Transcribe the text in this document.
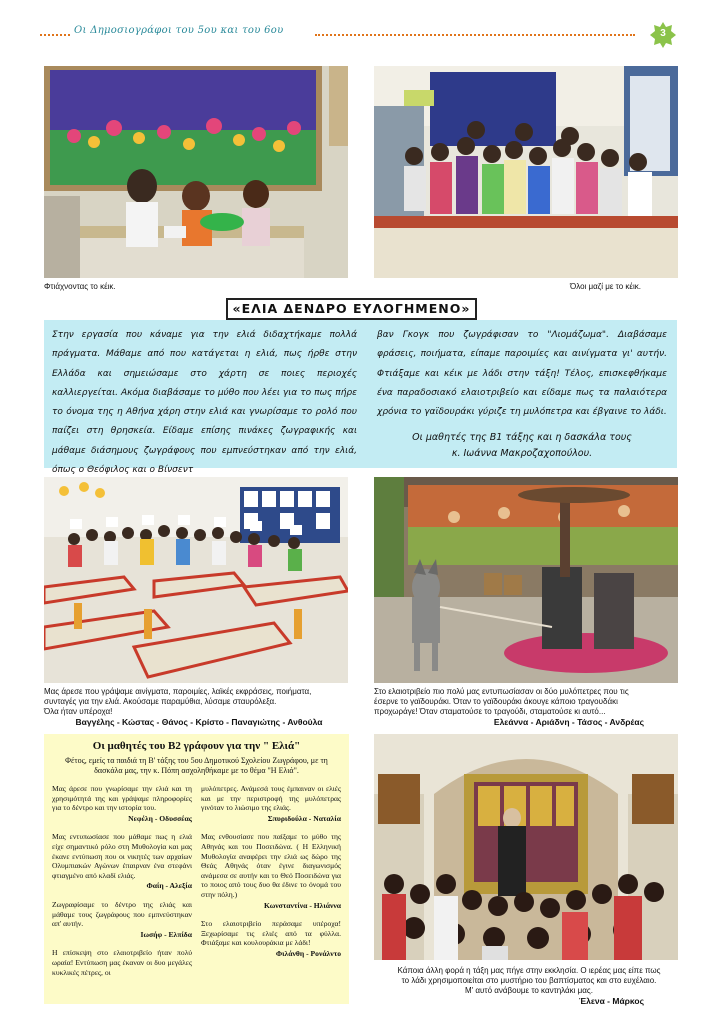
Οι Δημοσιογράφοι του 5ου και του 6ου	3
Φτιάχνοντας το κέικ.	Όλοι μαζί με το κέικ.
«ΕΛΙΑ ΔΕΝΔΡΟ ΕΥΛΟΓΗΜΕΝΟ»
Στην εργασία που κάναμε για την ελιά διδαχτήκαμε πολλά πράγματα. Μάθαμε από που κατάγεται η ελιά, πως ήρθε στην Ελλάδα και σημειώσαμε στο χάρτη σε ποιες περιοχές καλλιεργείται. Ακόμα διαβάσαμε το μύθο που λέει για το πως πήρε το όνομα της η Αθήνα χάρη στην ελιά και γνωρίσαμε το ρολό που παίζει στη θρησκεία. Είδαμε επίσης πινάκες ζωγραφικής και μάθαμε διάσημους ζωγράφους που εμπνεύστηκαν από την ελιά, όπως ο Θεόφιλος και ο Βίνσεντ
βαν Γκογκ που ζωγράφισαν το "Λιομάζωμα". Διαβάσαμε φράσεις, ποιήματα, είπαμε παροιμίες και αινίγματα γι' αυτήν. Φτιάξαμε και κέικ με λάδι στην τάξη! Τέλος, επισκεφθήκαμε ένα παραδοσιακό ελαιοτριβείο και είδαμε πως τα παλαιότερα χρόνια το γαϊδουράκι γύριζε τη μυλόπετρα και έβγαινε το λάδι.
Οι μαθητές της Β1 τάξης και η δασκάλα τους
κ. Ιωάννα Μακροζαχοπούλου.
Μας άρεσε που γράψαμε αινίγματα, παροιμίες, λαϊκές εκφράσεις, ποιήματα,
συνταγές για την ελιά. Ακούσαμε παραμύθια, λύσαμε σταυρόλεξα.
Όλα ήταν υπέροχα!
Βαγγέλης - Κώστας - Θάνος - Κρίστο - Παναγιώτης - Ανθούλα
Στο ελαιοτριβείο πιο πολύ μας εντυπωσίασαν οι δύο μυλόπετρες που τις
έσερνε το γαϊδουράκι. Όταν το γαϊδουράκι άκουγε κάποιο τραγουδάκι
προχωράγε! Όταν σταματούσε το τραγούδι, σταματούσε κι αυτό...
Ελεάννα - Αριάδνη - Τάσος - Ανδρέας
Οι μαθητές του Β2 γράφουν για την " Ελιά"
Φέτος, εμείς τα παιδιά τη Β' τάξης του 5ου Δημοτικού Σχολείου Ζωγράφου, με τη δασκάλα μας, την κ. Πόπη ασχοληθήκαμε με το θέμα "Η Ελιά".

Μας άρεσε που γνωρίσαμε την ελιά και τη χρησιμότητά της και γράψαμε πληροφορίες για το δέντρο και την ιστορία του.
Νεφέλη - Οδυσσέας

Μας εντυπωσίασε που μάθαμε πως η ελιά είχε σημαντικό ρόλο στη Μυθολογία και μας έκανε εντύπωση που οι νικητές των αρχαίων Ολυμπιακών Αγώνων έπαιρναν ένα στεφάνι φτιαγμένο από κλαδί ελιάς.
Φαίη - Αλεξία

Ζωγραφίσαμε το δέντρο της ελιάς και μάθαμε τους ζωγράφους που εμπνεύστηκαν απ' αυτήν.
Ιωσήφ - Ελπίδα

Η επίσκεψη στο ελαιοτριβείο ήταν πολύ ωραία! Εντύπωση μας έκαναν οι δυο μεγάλες κυκλικές πέτρες, οι

μυλόπετρες. Ανάμεσά τους έμπαιναν οι ελιές και με την περιστροφή της μυλόπετρας γινόταν το λιώσιμο της ελιάς.
Σπυριδούλα - Ναταλία

Μας ενθουσίασε που παίξαμε το μύθο της Αθηνάς και του Ποσειδώνα. ( Η Ελληνική Μυθολογία αναφέρει την ελιά ως δώρο της Θεάς Αθηνάς όταν έγινε διαγωνισμός ανάμεσα σε αυτήν και το Θεό Ποσειδώνα για το ποιος από τους δυο θα έδινε το όνομά του στην πόλη.)
Κωνσταντίνα - Ηλιάννα

Στο ελαιοτριβείο περάσαμε υπέροχα! Ξεχωρίσαμε τις ελιές από τα φύλλα. Φτιάξαμε και κουλουράκια με λάδι!
Φιλάνθη - Ρονάλντο

Κάποια άλλη φορά η τάξη μας πήγε στην εκκλησία. Ο ιερέας μας είπε πως
το λάδι χρησιμοποιείται στο μυστήριο του βαπτίσματος και στο ευχέλαιο.
Μ' αυτό ανάβουμε το καντηλάκι μας.
Έλενα - Μάρκος
